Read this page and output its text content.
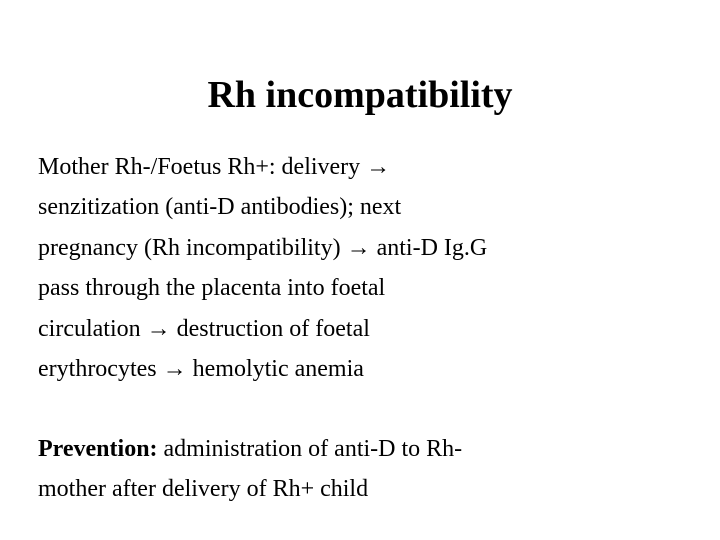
Rh incompatibility
Mother Rh-/Foetus Rh+: delivery →
senzitization (anti-D antibodies); next
pregnancy (Rh incompatibility) → anti-D Ig.G
pass through the placenta into foetal
circulation → destruction of foetal
erythrocytes → hemolytic anemia
Prevention: administration of anti-D to Rh-
mother after delivery of Rh+ child
